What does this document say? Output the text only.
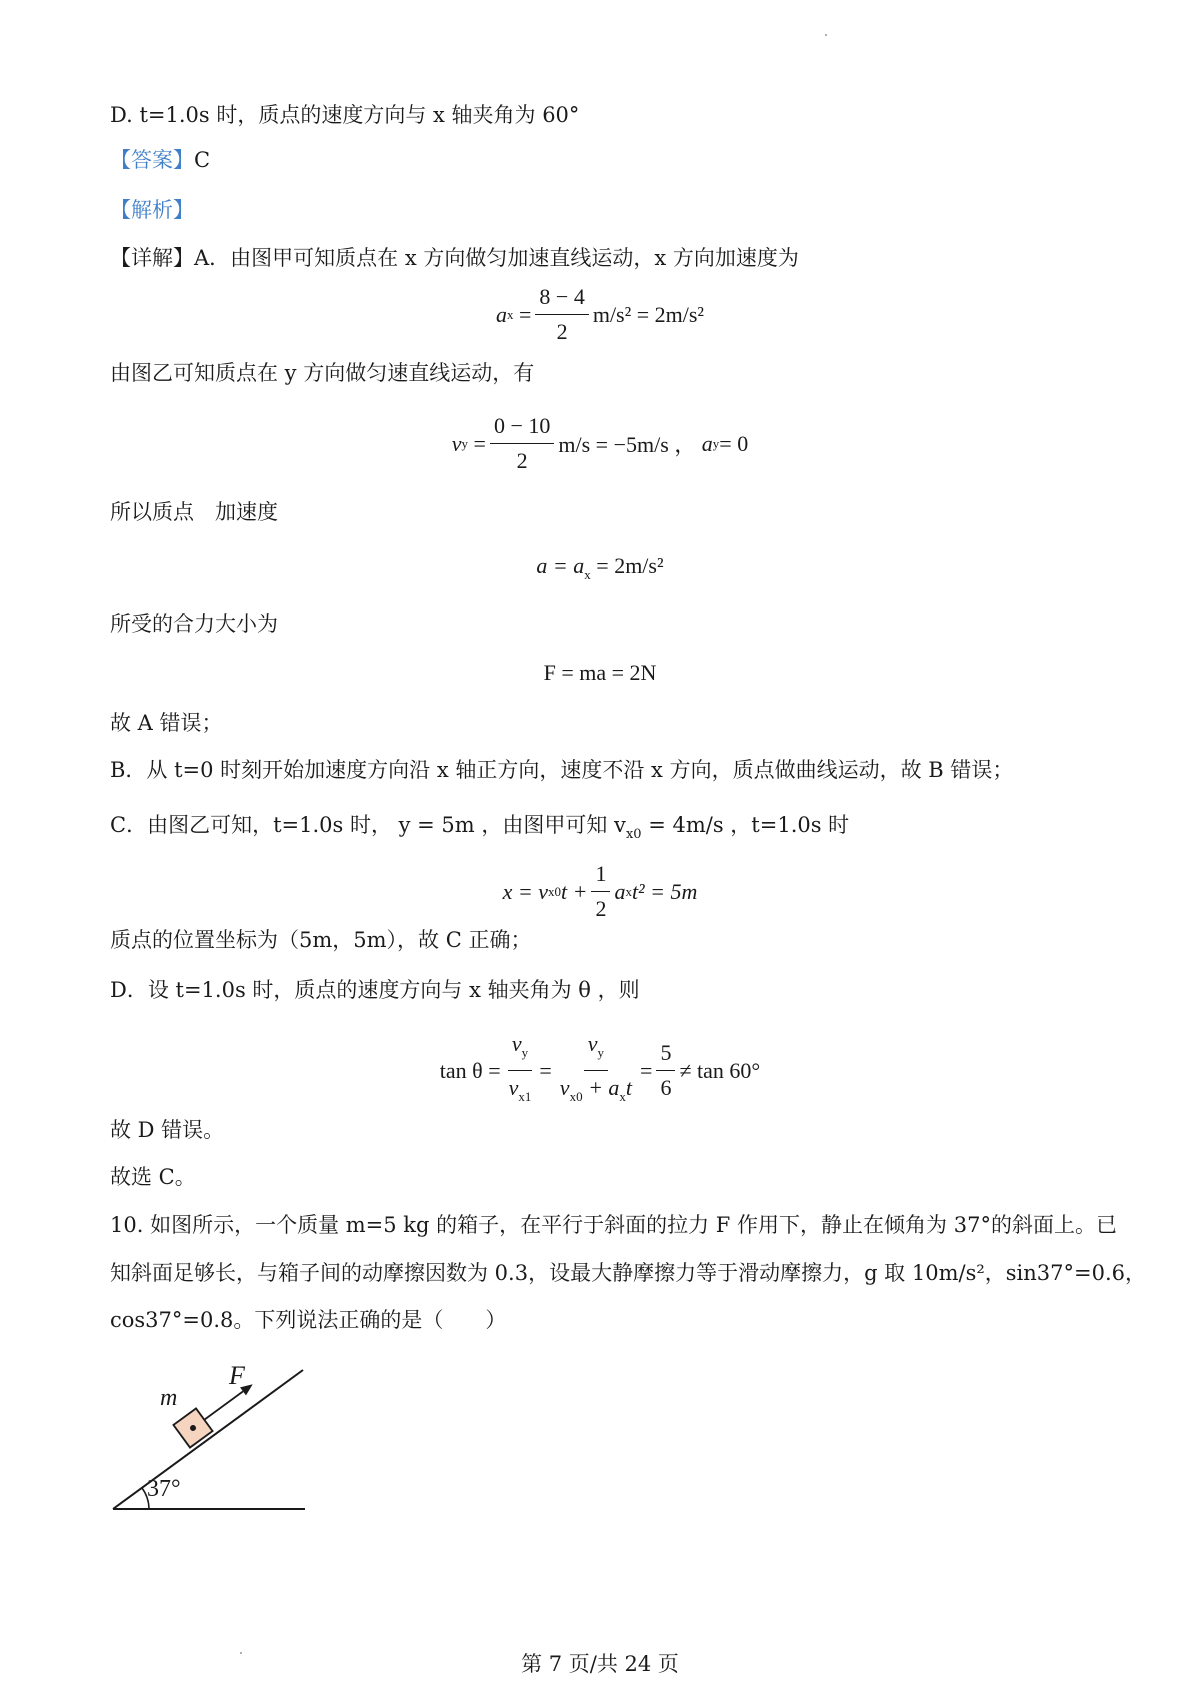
D. t=1.0s 时，质点的速度方向与 x 轴夹角为 60°
【答案】C
【解析】
【详解】A．由图甲可知质点在 x 方向做匀加速直线运动，x 方向加速度为
a $x = \frac{8 - 4}{2} m/s^2 = 2m/s^2$
由图乙可知质点在 y 方向做匀速直线运动，有
v $y = \frac{0 - 10}{2} m/s = -5m/s$ ，
a y = 0
所以质点　加速度
$a = a_x = 2m/s^2$
所受的合力大小为
F = ma = 2N
故 A 错误；
B．从 t=0 时刻开始加速度方向沿 x 轴正方向，速度不沿 x 方向，质点做曲线运动，故 B 错误；
C．由图乙可知，t=1.0s 时， y = 5m ，由图甲可知 $v_{x0} = 4m/s$ ，t=1.0s 时
x = v x0 $t + \frac{1}{2}$ a x t² = 5m
质点的位置坐标为（5m，5m），故 C 正确；
D．设 t=1.0s 时，质点的速度方向与 x 轴夹角为 θ ，则
$\tan \theta = \frac{v_y}{v_{x1}} = \frac{v_y}{v_{x0} + a_xt} = \frac{5}{6} \ne \tan 60^\circ$
故 D 错误。
故选 C。
10. 如图所示，一个质量 m=5 kg 的箱子，在平行于斜面的拉力 F 作用下，静止在倾角为 37°的斜面上。已
知斜面足够长，与箱子间的动摩擦因数为 0.3，设最大静摩擦力等于滑动摩擦力，g 取 10m/s²，sin37°=0.6，
cos37°=0.8。下列说法正确的是（　　）
37°
F
m
第 7 页/共 24 页
